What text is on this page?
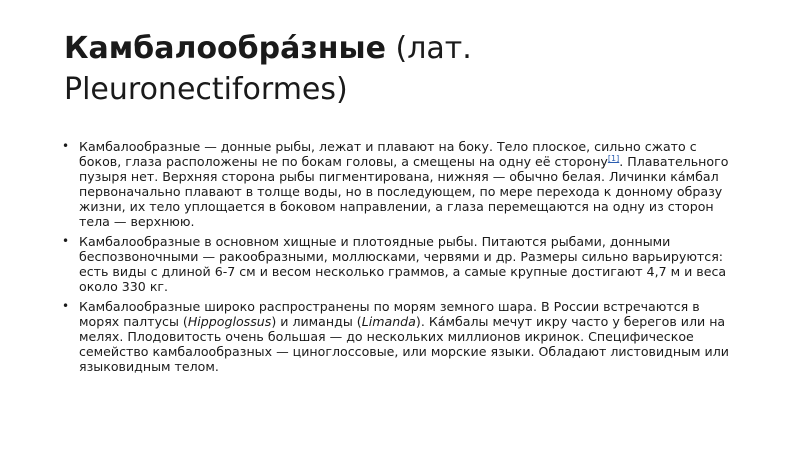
Камбалообра́зные (лат. Pleuronectiformes)
• Камбалообразные — донные рыбы, лежат и плавают на боку. Тело плоское, сильно сжато с боков, глаза расположены не по бокам головы, а смещены на одну её сторону[1]. Плавательного пузыря нет. Верхняя сторона рыбы пигментирована, нижняя — обычно белая. Личинки ка́мбал первоначально плавают в толще воды, но в последующем, по мере перехода к донному образу жизни, их тело уплощается в боковом направлении, а глаза перемещаются на одну из сторон тела — верхнюю.
• Камбалообразные в основном хищные и плотоядные рыбы. Питаются рыбами, донными беспозвоночными — ракообразными, моллюсками, червями и др. Размеры сильно варьируются: есть виды с длиной 6-7 см и весом несколько граммов, а самые крупные достигают 4,7 м и веса около 330 кг.
• Камбалообразные широко распространены по морям земного шара. В России встречаются в морях палтусы (Hippoglossus) и лиманды (Limanda). Ка́мбалы мечут икру часто у берегов или на мелях. Плодовитость очень большая — до нескольких миллионов икринок. Специфическое семейство камбалообразных — циноглоссовые, или морские языки. Обладают листовидным или языковидным телом.
